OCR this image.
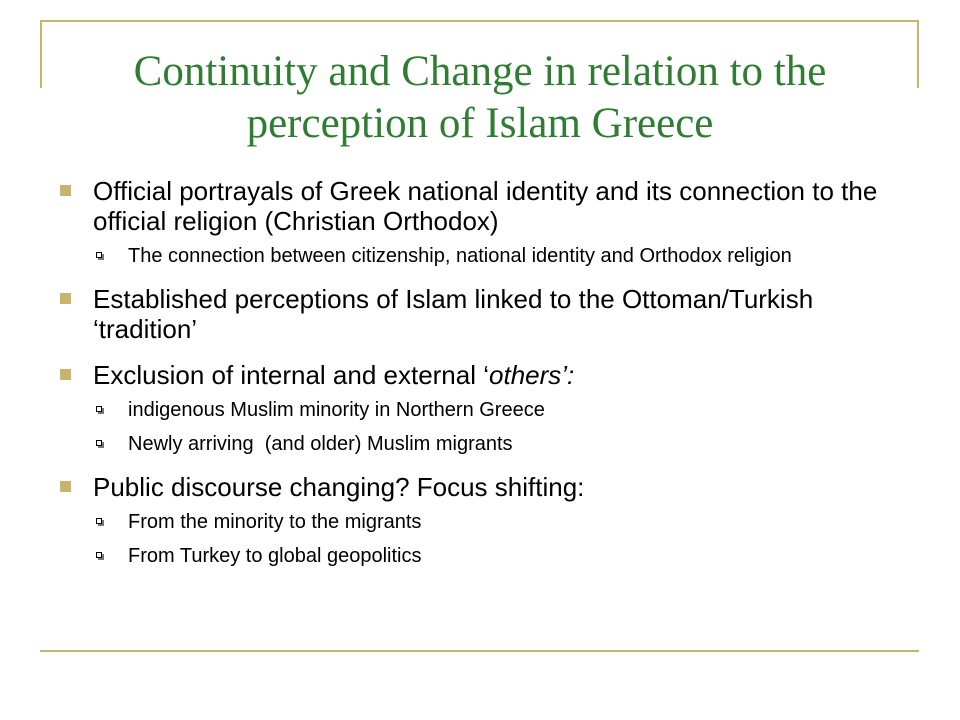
Continuity and Change in relation to the perception of Islam Greece
Official portrayals of Greek national identity and its connection to the official religion (Christian Orthodox)
The connection between citizenship, national identity and Orthodox religion
Established perceptions of Islam linked to the Ottoman/Turkish ‘tradition’
Exclusion of internal and external ‘others’:
indigenous Muslim minority in Northern Greece
Newly arriving  (and older) Muslim migrants
Public discourse changing? Focus shifting:
From the minority to the migrants
From Turkey to global geopolitics
